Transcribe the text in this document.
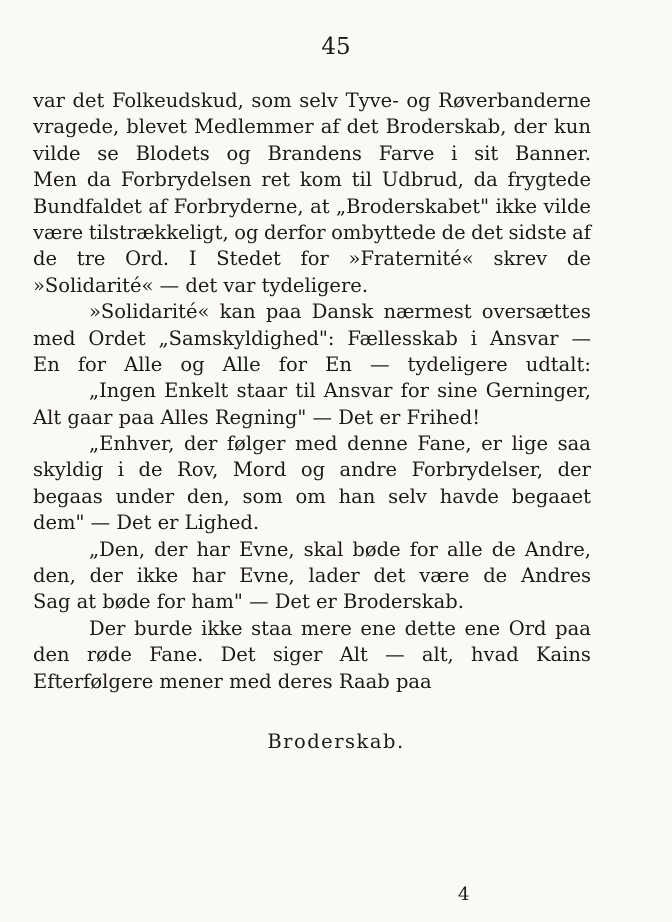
45
var det Folkeudskud, som selv Tyve- og Røverbanderne
vragede, blevet Medlemmer af det Broderskab, der kun
vilde se Blodets og Brandens Farve i sit Banner.
Men da Forbrydelsen ret kom til Udbrud, da frygtede
Bundfaldet af Forbryderne, at „Broderskabet" ikke vilde
være tilstrækkeligt, og derfor ombyttede de det sidste af
de tre Ord. I Stedet for »Fraternité« skrev de
»Solidarité« — det var tydeligere.
»Solidarité« kan paa Dansk nærmest oversættes
med Ordet „Samskyldighed": Fællesskab i Ansvar —
En for Alle og Alle for En — tydeligere udtalt:
„Ingen Enkelt staar til Ansvar for sine Gerninger,
Alt gaar paa Alles Regning" — Det er Frihed!
„Enhver, der følger med denne Fane, er lige saa
skyldig i de Rov, Mord og andre Forbrydelser, der
begaas under den, som om han selv havde begaaet
dem" — Det er Lighed.
„Den, der har Evne, skal bøde for alle de Andre,
den, der ikke har Evne, lader det være de Andres
Sag at bøde for ham" — Det er Broderskab.
Der burde ikke staa mere ene dette ene Ord paa
den røde Fane. Det siger Alt — alt, hvad Kains
Efterfølgere mener med deres Raab paa
Broderskab.
4
